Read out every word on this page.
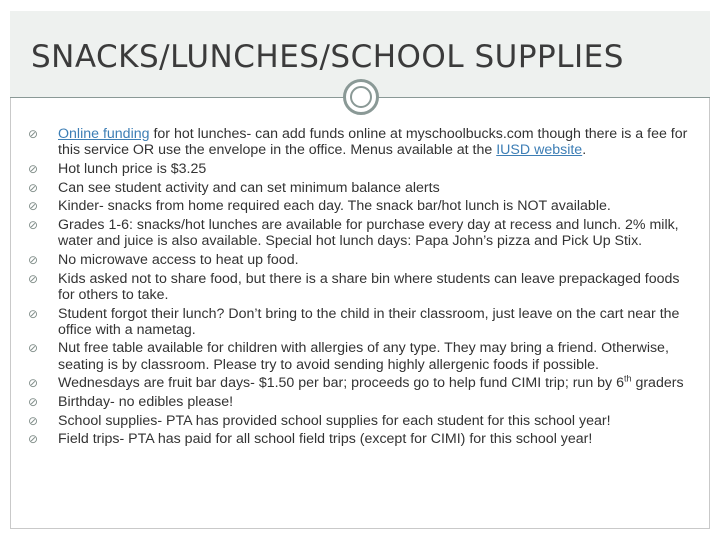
SNACKS/LUNCHES/SCHOOL SUPPLIES
⊘ Online funding for hot lunches- can add funds online at myschoolbucks.com though there is a fee for this service OR use the envelope in the office. Menus available at the IUSD website.
⊘ Hot lunch price is $3.25
⊘ Can see student activity and can set minimum balance alerts
⊘ Kinder- snacks from home required each day. The snack bar/hot lunch is NOT available.
⊘ Grades 1-6: snacks/hot lunches are available for purchase every day at recess and lunch. 2% milk, water and juice is also available. Special hot lunch days: Papa John’s pizza and Pick Up Stix.
⊘ No microwave access to heat up food.
⊘ Kids asked not to share food, but there is a share bin where students can leave prepackaged foods for others to take.
⊘ Student forgot their lunch? Don’t bring to the child in their classroom, just leave on the cart near the office with a nametag.
⊘ Nut free table available for children with allergies of any type. They may bring a friend. Otherwise, seating is by classroom. Please try to avoid sending highly allergenic foods if possible.
⊘ Wednesdays are fruit bar days- $1.50 per bar; proceeds go to help fund CIMI trip; run by 6th graders
⊘ Birthday- no edibles please!
⊘ School supplies- PTA has provided school supplies for each student for this school year!
⊘ Field trips- PTA has paid for all school field trips (except for CIMI) for this school year!
